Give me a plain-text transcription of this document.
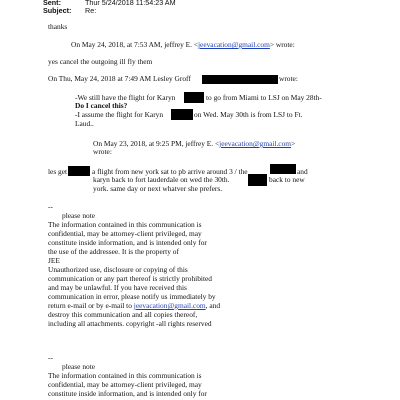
Sent:	Thur 5/24/2018 11:54:23 AM
Subject: Re:
thanks
On May 24, 2018, at 7:53 AM, jeffrey E. <jeevacation@gmail.com> wrote:
yes cancel the outgoing ill fly them
On Thu, May 24, 2018 at 7:49 AM Lesley Groff	wrote:
-We still have the flight for Karyn	to go from Miami to LSJ on May 28th-
Do I cancel this?
-I assume the flight for Karyn	on Wed. May 30th is from LSJ to Ft.
Laud..
On May 23, 2018, at 9:25 PM, jeffrey E. <jeevacation@gmail.com>
wrote:
les get	a flight from new york sat to pb arrive around 3 / the	and
karyn back to fort lauderdale on wed the 30th.	back to new
york. same day or next whatver she prefers.
--
please note
The information contained in this communication is
confidential, may be attorney-client privileged, may
constitute inside information, and is intended only for
the use of the addressee. It is the property of
JEE
Unauthorized use, disclosure or copying of this
communication or any part thereof is strictly prohibited
and may be unlawful. If you have received this
communication in error, please notify us immediately by
return e-mail or by e-mail to jeevacation@gmail.com, and
destroy this communication and all copies thereof,
including all attachments. copyright -all rights reserved
--
please note
The information contained in this communication is
confidential, may be attorney-client privileged, may
constitute inside information, and is intended only for
